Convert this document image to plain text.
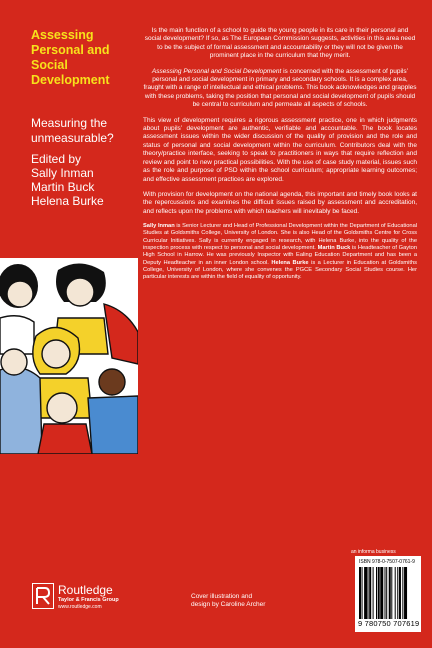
Assessing Personal and Social Development
Measuring the unmeasurable?
Edited by
Sally Inman
Martin Buck
Helena Burke

Is the main function of a school to guide the young people in its care in their personal and social development? If so, as The European Commission suggests, activities in this area need to be the subject of formal assessment and accountability or they will not be given the prominent place in the curriculum that they merit.

Assessing Personal and Social Development is concerned with the assessment of pupils’ personal and social development in primary and secondary schools. It is a complex area, fraught with a range of intellectual and ethical problems. This book acknowledges and grapples with these problems, taking the position that personal and social development of pupils should be central to curriculum and permeate all aspects of schools.

This view of development requires a rigorous assessment practice, one in which judgments about pupils’ development are authentic, verifiable and accountable. The book locates assessment issues within the wider discussion of the quality of provision and the role and status of personal and social development within the curriculum. Contributors deal with the theory/practice interface, seeking to speak to practitioners in ways that require reflection and review and point to new practical possibilities. With the use of case study material, issues such as the role and purpose of PSD within the school curriculum; appropriate learning outcomes; and effective assessment practices are explored.

With provision for development on the national agenda, this important and timely book looks at the repercussions and examines the difficult issues raised by assessment and accreditation, and reflects upon the problems with which teachers will inevitably be faced.

Sally Inman is Senior Lecturer and Head of Professional Development within the Department of Educational Studies at Goldsmiths College, University of London. She is also Head of the Goldsmiths Centre for Cross Curricular Initiatives. Sally is currently engaged in research, with Helena Burke, into the quality of the inspection process with respect to personal and social development. Martin Buck is Headteacher of Gayton High School in Harrow. He was previously Inspector with Ealing Education Department and has been a Deputy Headteacher in an inner London school. Helena Burke is a Lecturer in Education at Goldsmiths College, University of London, where she convenes the PGCE Secondary Social Studies course. Her particular interests are within the field of equality of opportunity.

an informa business
ISBN 978-0-7507-0761-9
9 780750 707619
Routledge
Taylor & Francis Group
www.routledge.com
Cover illustration and design by Caroline Archer
